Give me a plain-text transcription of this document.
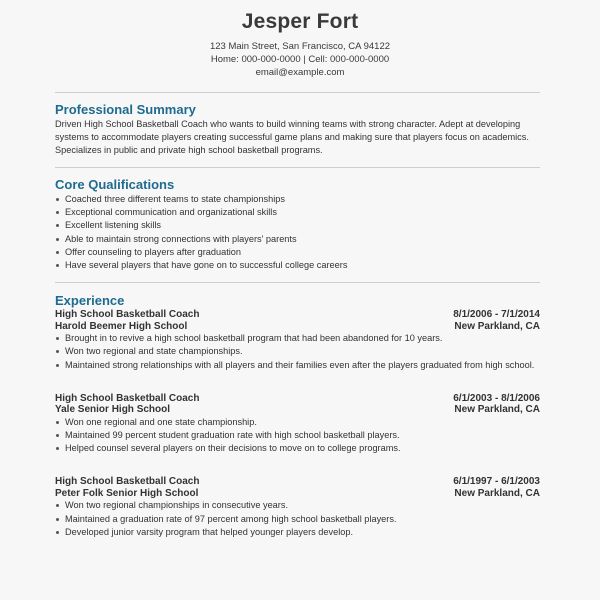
Jesper Fort
123 Main Street, San Francisco, CA 94122
Home: 000-000-0000 | Cell: 000-000-0000
email@example.com
Professional Summary

Driven High School Basketball Coach who wants to build winning teams with strong character. Adept at developing

systems to accommodate players creating successful game plans and making sure that players focus on academics.

Specializes in public and private high school basketball programs.

Core Qualifications
Coached three different teams to state championships
Exceptional communication and organizational skills
Excellent listening skills
Able to maintain strong connections with players' parents
Offer counseling to players after graduation
Have several players that have gone on to successful college careers
Experience
High School Basketball Coach
Harold Beemer High School
8/1/2006 - 7/1/2014
New Parkland, CA
Brought in to revive a high school basketball program that had been abandoned for 10 years.
Won two regional and state championships.
Maintained strong relationships with all players and their families even after the players graduated from high school.
High School Basketball Coach
Yale Senior High School
6/1/2003 - 8/1/2006
New Parkland, CA
Won one regional and one state championship.
Maintained 99 percent student graduation rate with high school basketball players.
Helped counsel several players on their decisions to move on to college programs.
High School Basketball Coach
Peter Folk Senior High School
6/1/1997 - 6/1/2003
New Parkland, CA
Won two regional championships in consecutive years.
Maintained a graduation rate of 97 percent among high school basketball players.
Developed junior varsity program that helped younger players develop.
